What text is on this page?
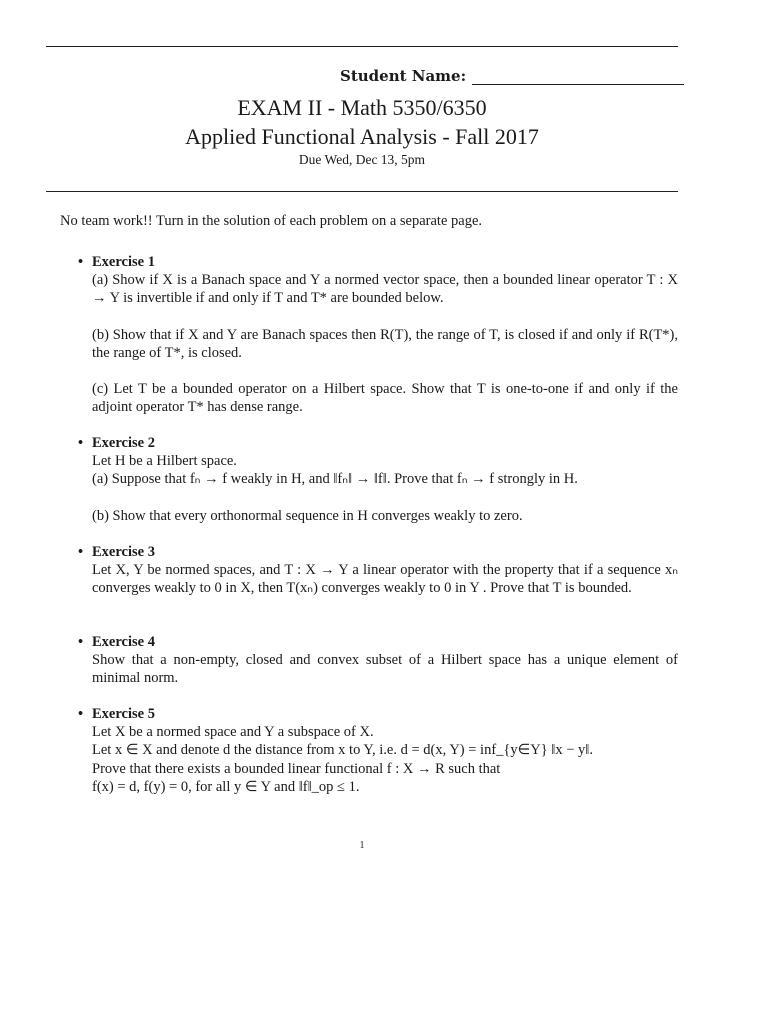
Student Name:
EXAM II - Math 5350/6350
Applied Functional Analysis - Fall 2017
Due Wed, Dec 13, 5pm
No team work!! Turn in the solution of each problem on a separate page.
• Exercise 1
(a) Show if X is a Banach space and Y a normed vector space, then a bounded linear operator T : X → Y is invertible if and only if T and T* are bounded below.
(b) Show that if X and Y are Banach spaces then R(T), the range of T, is closed if and only if R(T*), the range of T*, is closed.
(c) Let T be a bounded operator on a Hilbert space. Show that T is one-to-one if and only if the adjoint operator T* has dense range.
• Exercise 2
Let H be a Hilbert space.
(a) Suppose that fₙ → f weakly in H, and ‖fₙ‖ → ‖f‖. Prove that fₙ → f strongly in H.
(b) Show that every orthonormal sequence in H converges weakly to zero.
• Exercise 3
Let X, Y be normed spaces, and T : X → Y a linear operator with the property that if a sequence xₙ converges weakly to 0 in X, then T(xₙ) converges weakly to 0 in Y . Prove that T is bounded.
• Exercise 4
Show that a non-empty, closed and convex subset of a Hilbert space has a unique element of minimal norm.
• Exercise 5
Let X be a normed space and Y a subspace of X.
Let x ∈ X and denote d the distance from x to Y, i.e. d = d(x, Y) = inf_{y∈Y} ‖x − y‖.
Prove that there exists a bounded linear functional f : X → R such that
f(x) = d, f(y) = 0, for all y ∈ Y and ‖f‖_op ≤ 1.
1
